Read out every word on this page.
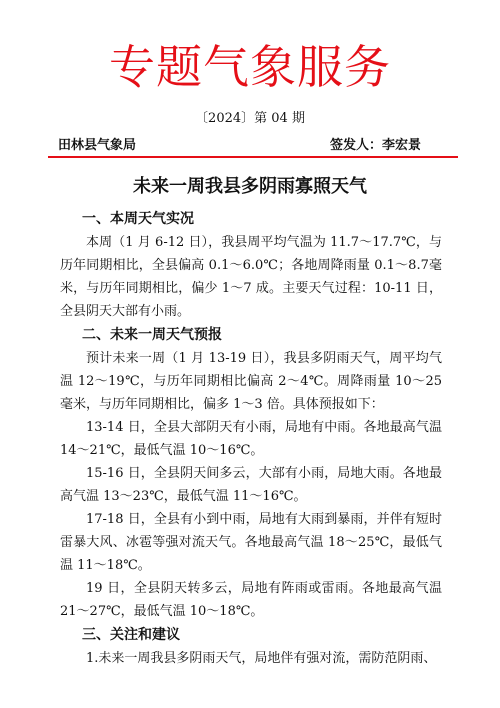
专题气象服务
〔2024〕第 04 期
田林县气象局	签发人：李宏景
未来一周我县多阴雨寡照天气
一、本周天气实况

本周（1 月 6-12 日），我县周平均气温为 11.7～17.7℃，与历年同期相比，全县偏高 0.1～6.0℃；各地周降雨量 0.1～8.7毫米，与历年同期相比，偏少 1～7 成。主要天气过程：10-11 日，全县阴天大部有小雨。

二、未来一周天气预报

预计未来一周（1 月 13-19 日），我县多阴雨天气，周平均气温 12～19℃，与历年同期相比偏高 2～4℃。周降雨量 10～25毫米，与历年同期相比，偏多 1～3 倍。具体预报如下：

13-14 日，全县大部阴天有小雨，局地有中雨。各地最高气温 14～21℃，最低气温 10～16℃。

15-16 日，全县阴天间多云，大部有小雨，局地大雨。各地最高气温 13～23℃，最低气温 11～16℃。

17-18 日，全县有小到中雨，局地有大雨到暴雨，并伴有短时雷暴大风、冰雹等强对流天气。各地最高气温 18～25℃，最低气温 11～18℃。

19 日，全县阴天转多云，局地有阵雨或雷雨。各地最高气温21～27℃，最低气温 10～18℃。

三、关注和建议

1.未来一周我县多阴雨天气，局地伴有强对流，需防范阴雨、
